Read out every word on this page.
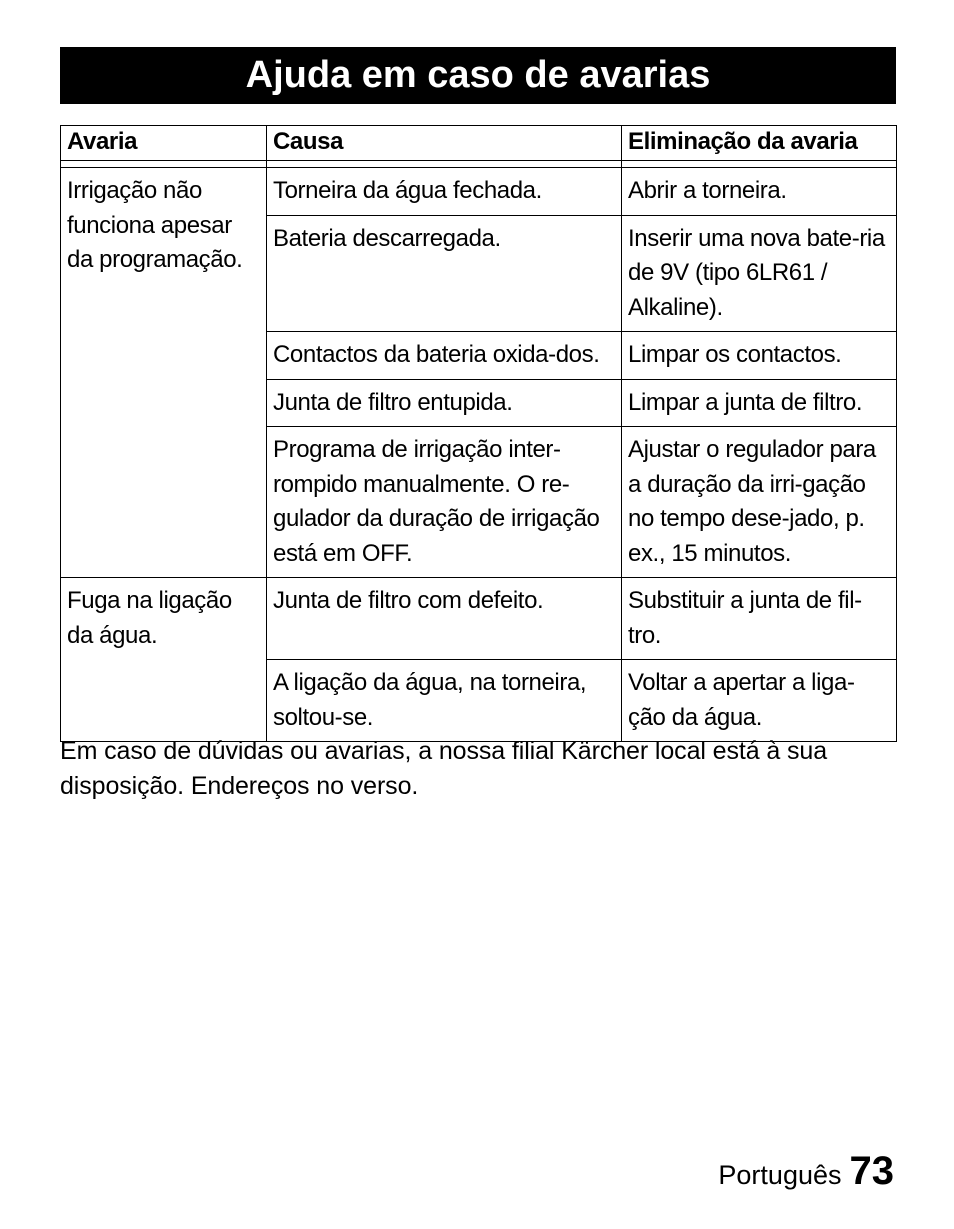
Ajuda em caso de avarias
Avaria	Causa	Eliminação da avaria

Irrigação não funciona apesar da programação.	Torneira da água fechada.	Abrir a torneira.
	Bateria descarregada.	Inserir uma nova bate-ria de 9V (tipo 6LR61 / Alkaline).
	Contactos da bateria oxida-dos.	Limpar os contactos.
	Junta de filtro entupida.	Limpar a junta de filtro.
	Programa de irrigação inter-rompido manualmente. O re-gulador da duração de irrigação está em OFF.	Ajustar o regulador para a duração da irri-gação no tempo dese-jado, p. ex., 15 minutos.
Fuga na ligação da água.	Junta de filtro com defeito.	Substituir a junta de fil-tro.
	A ligação da água, na torneira, soltou-se.	Voltar a apertar a liga-ção da água.
Em caso de dúvidas ou avarias, a nossa filial Kärcher local está à sua disposição. Endereços no verso.
Português 73
